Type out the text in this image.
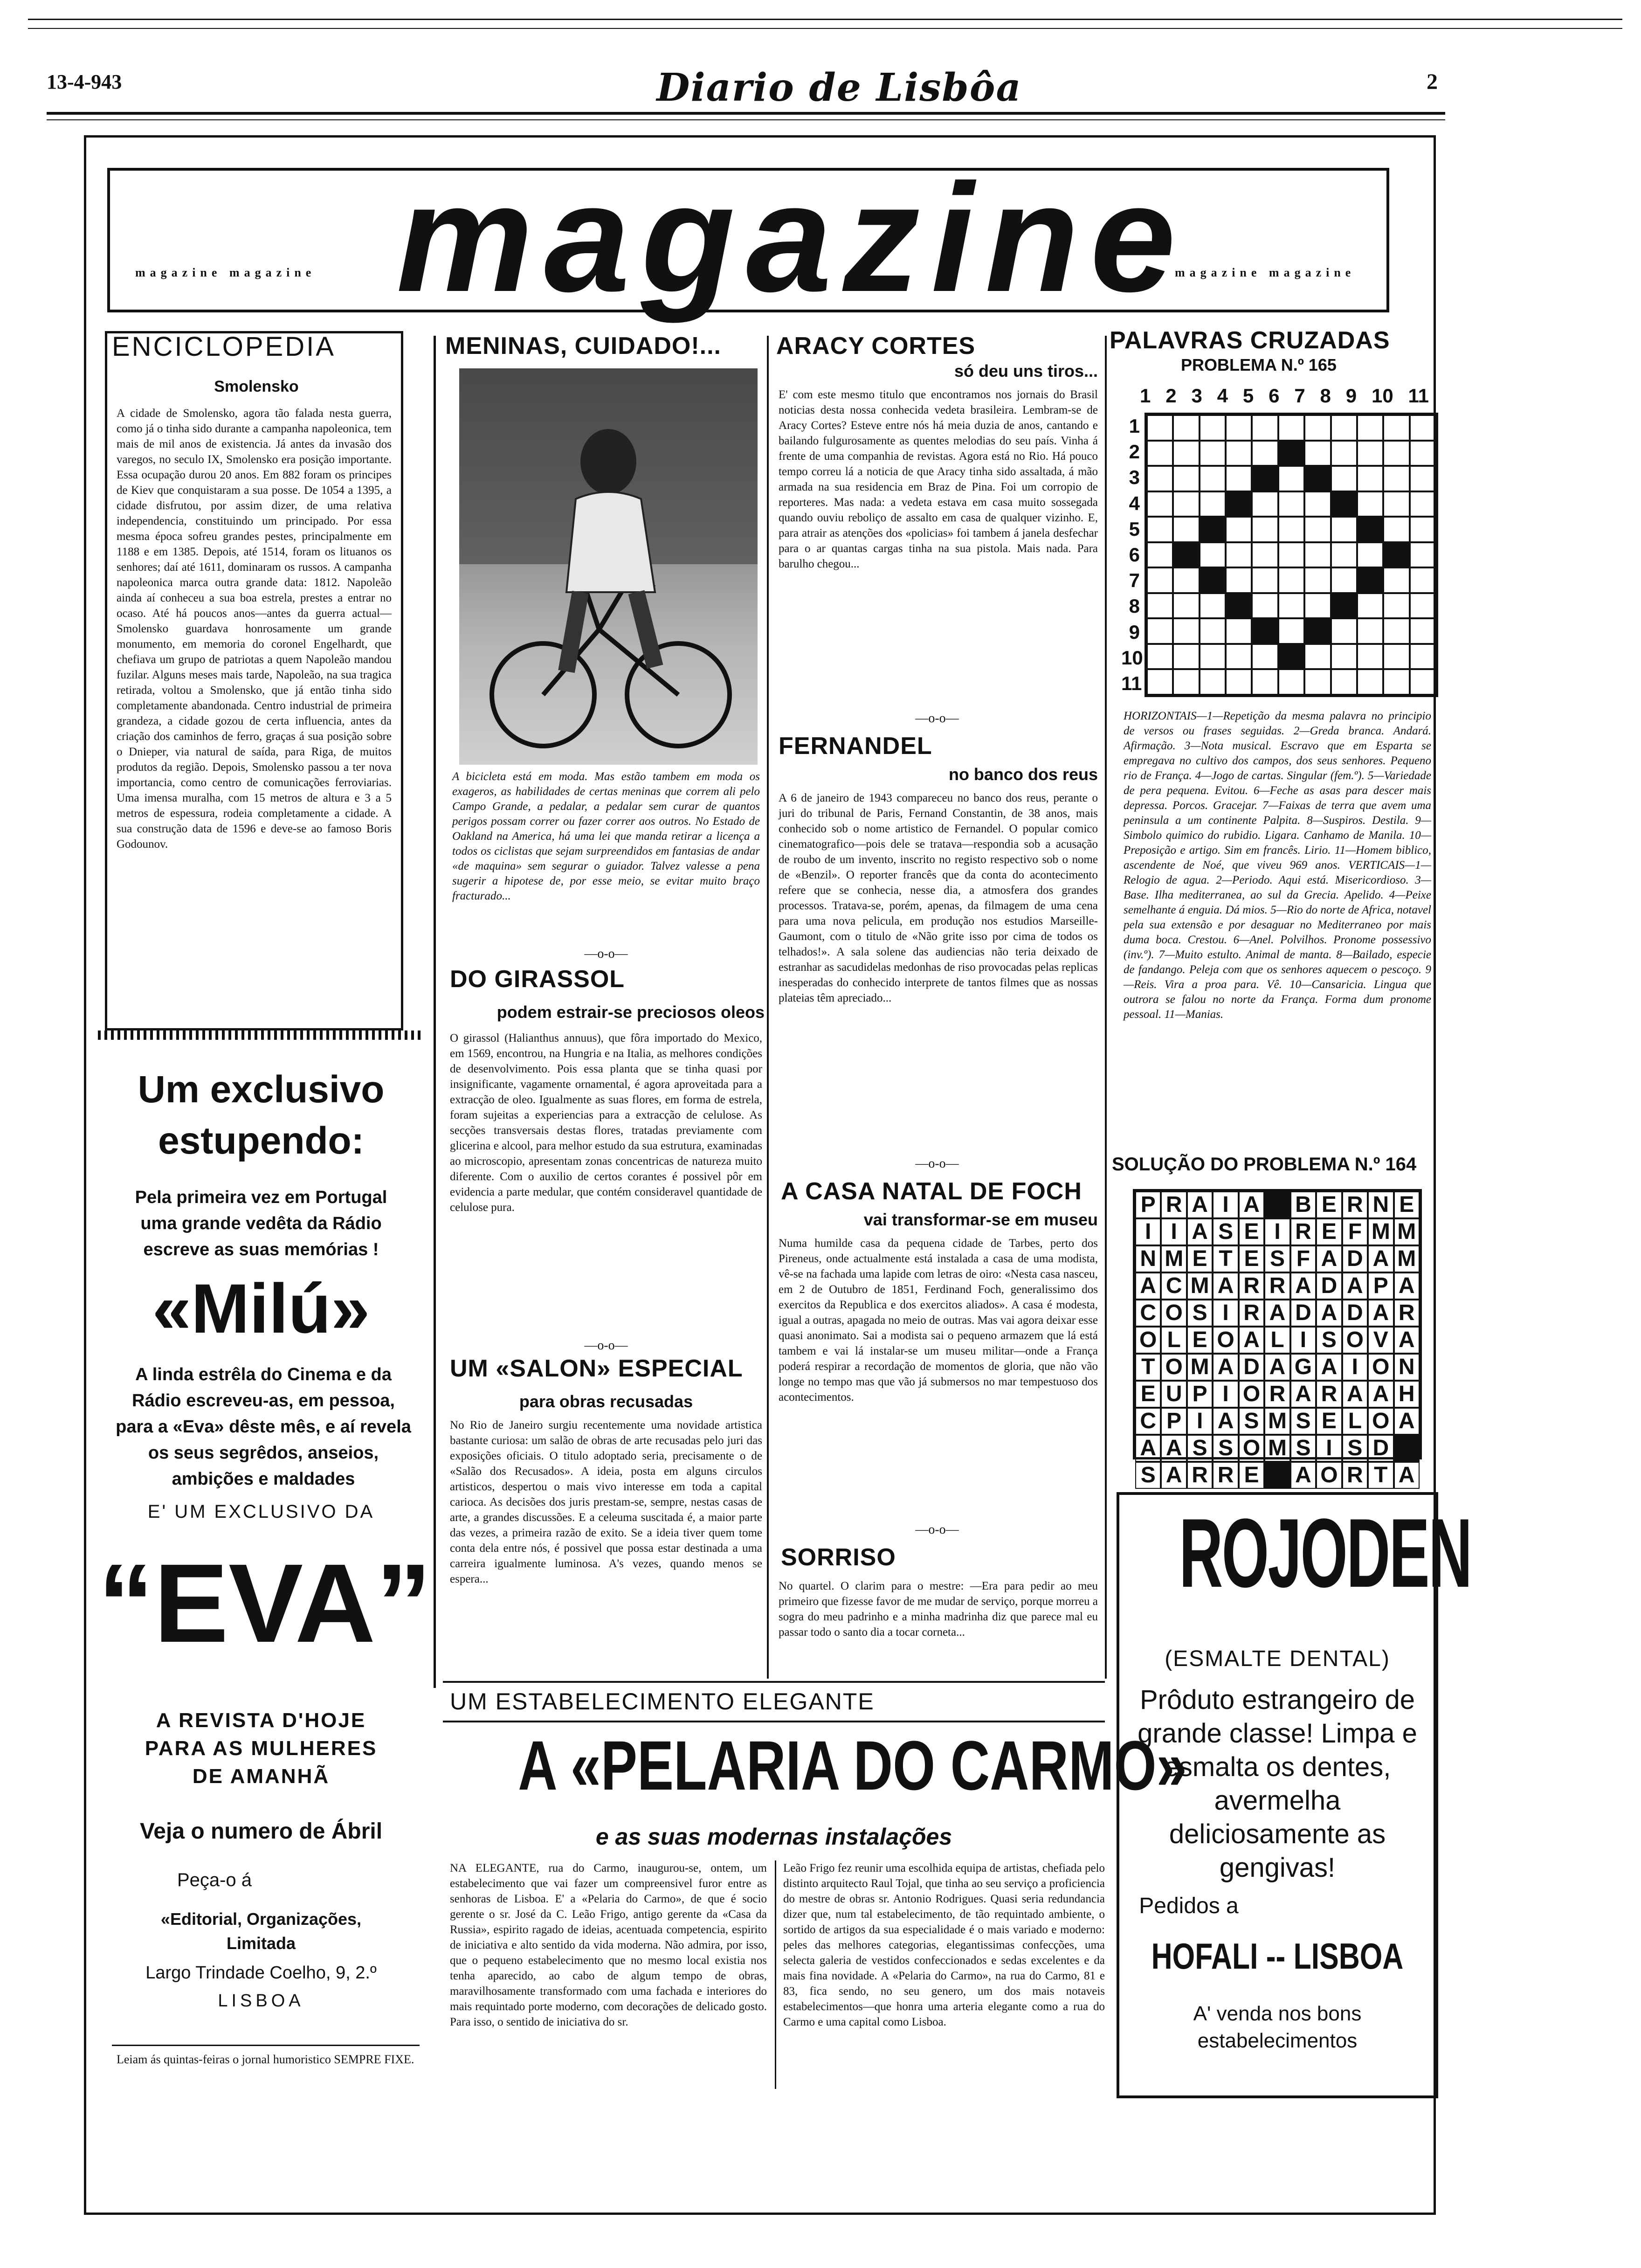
13-4-943	Diario de Lisbôa	2
magazine magazine magazine
magazine magazine
ENCICLOPEDIA
Smolensko

A cidade de Smolensko, agora tão falada nesta guerra, como já o tinha sido durante a campanha napoleonica, tem mais de mil anos de existencia. Já antes da invasão dos varegos, no seculo IX, Smolensko era posição importante. Essa ocupação durou 20 anos. Em 882 foram os principes de Kiev que conquistaram a sua posse. De 1054 a 1395, a cidade disfrutou, por assim dizer, de uma relativa independencia, constituindo um principado. Por essa mesma época sofreu grandes pestes, principalmente em 1188 e em 1385. Depois, até 1514, foram os lituanos os senhores; daí até 1611, dominaram os russos. A campanha napoleonica marca outra grande data: 1812. Napoleão ainda aí conheceu a sua boa estrela, prestes a entrar no ocaso. Até há poucos anos—antes da guerra actual—Smolensko guardava honrosamente um grande monumento, em memoria do coronel Engelhardt, que chefiava um grupo de patriotas a quem Napoleão mandou fuzilar. Alguns meses mais tarde, Napoleão, na sua tragica retirada, voltou a Smolensko, que já então tinha sido completamente abandonada. Centro industrial de primeira grandeza, a cidade gozou de certa influencia, antes da criação dos caminhos de ferro, graças á sua posição sobre o Dnieper, via natural de saída, para Riga, de muitos produtos da região. Depois, Smolensko passou a ter nova importancia, como centro de comunicações ferroviarias. Uma imensa muralha, com 15 metros de altura e 3 a 5 metros de espessura, rodeia completamente a cidade. A sua construção data de 1596 e deve-se ao famoso Boris Godounov.

Um exclusivo
estupendo:
Pela primeira vez em Portugal uma grande vedêta da Rádio escreve as suas memórias !
«Milú»
A linda estrêla do Cinema e da Rádio escreveu-as, em pessoa, para a «Eva» dêste mês, e aí revela os seus segrêdos, anseios, ambições e maldades
E' UM EXCLUSIVO DA
“EVA”
A REVISTA D'HOJE PARA AS MULHERES DE AMANHÃ
Veja o numero de Ábril
Peça-o á
«Editorial, Organizações, Limitada
Largo Trindade Coelho, 9, 2.º
LISBOA
Leiam ás quintas-feiras o jornal humoristico SEMPRE FIXE.
MENINAS, CUIDADO!...

A bicicleta está em moda. Mas estão tambem em moda os exageros, as habilidades de certas meninas que correm ali pelo Campo Grande, a pedalar, a pedalar sem curar de quantos perigos possam correr ou fazer correr aos outros. No Estado de Oakland na America, há uma lei que manda retirar a licença a todos os ciclistas que sejam surpreendidos em fantasias de andar «de maquina» sem segurar o guiador. Talvez valesse a pena sugerir a hipotese de, por esse meio, se evitar muito braço fracturado...

—o-o—
DO GIRASSOL
podem estrair-se preciosos oleos

O girassol (Halianthus annuus), que fôra importado do Mexico, em 1569, encontrou, na Hungria e na Italia, as melhores condições de desenvolvimento. Pois essa planta que se tinha quasi por insignificante, vagamente ornamental, é agora aproveitada para a extracção de oleo. Igualmente as suas flores, em forma de estrela, foram sujeitas a experiencias para a extracção de celulose. As secções transversais destas flores, tratadas previamente com glicerina e alcool, para melhor estudo da sua estrutura, examinadas ao microscopio, apresentam zonas concentricas de natureza muito diferente. Com o auxilio de certos corantes é possivel pôr em evidencia a parte medular, que contém consideravel quantidade de celulose pura.

—o-o—
UM «SALON» ESPECIAL
para obras recusadas

No Rio de Janeiro surgiu recentemente uma novidade artistica bastante curiosa: um salão de obras de arte recusadas pelo juri das exposições oficiais. O titulo adoptado seria, precisamente o de «Salão dos Recusados». A ideia, posta em alguns circulos artisticos, despertou o mais vivo interesse em toda a capital carioca. As decisões dos juris prestam-se, sempre, nestas casas de arte, a grandes discussões. E a celeuma suscitada é, a maior parte das vezes, a primeira razão de exito. Se a ideia tiver quem tome conta dela entre nós, é possivel que possa estar destinada a uma carreira igualmente luminosa. A's vezes, quando menos se espera...

ARACY CORTES
só deu uns tiros...

E' com este mesmo titulo que encontramos nos jornais do Brasil noticias desta nossa conhecida vedeta brasileira. Lembram-se de Aracy Cortes? Esteve entre nós há meia duzia de anos, cantando e bailando fulgurosamente as quentes melodias do seu país. Vinha á frente de uma companhia de revistas. Agora está no Rio. Há pouco tempo correu lá a noticia de que Aracy tinha sido assaltada, á mão armada na sua residencia em Braz de Pina. Foi um corropio de reporteres. Mas nada: a vedeta estava em casa muito sossegada quando ouviu reboliço de assalto em casa de qualquer vizinho. E, para atrair as atenções dos «policias» foi tambem á janela desfechar para o ar quantas cargas tinha na sua pistola. Mais nada. Para barulho chegou...

—o-o—
FERNANDEL
no banco dos reus

A 6 de janeiro de 1943 compareceu no banco dos reus, perante o juri do tribunal de Paris, Fernand Constantin, de 38 anos, mais conhecido sob o nome artistico de Fernandel. O popular comico cinematografico—pois dele se tratava—respondia sob a acusação de roubo de um invento, inscrito no registo respectivo sob o nome de «Benzil». O reporter francês que da conta do acontecimento refere que se conhecia, nesse dia, a atmosfera dos grandes processos. Tratava-se, porém, apenas, da filmagem de uma cena para uma nova pelicula, em produção nos estudios Marseille-Gaumont, com o titulo de «Não grite isso por cima de todos os telhados!». A sala solene das audiencias não teria deixado de estranhar as sacudidelas medonhas de riso provocadas pelas replicas inesperadas do conhecido interprete de tantos filmes que as nossas plateias têm apreciado...

—o-o—
A CASA NATAL DE FOCH
vai transformar-se em museu

Numa humilde casa da pequena cidade de Tarbes, perto dos Pireneus, onde actualmente está instalada a casa de uma modista, vê-se na fachada uma lapide com letras de oiro: «Nesta casa nasceu, em 2 de Outubro de 1851, Ferdinand Foch, generalissimo dos exercitos da Republica e dos exercitos aliados». A casa é modesta, igual a outras, apagada no meio de outras. Mas vai agora deixar esse quasi anonimato. Sai a modista sai o pequeno armazem que lá está tambem e vai lá instalar-se um museu militar—onde a França poderá respirar a recordação de momentos de gloria, que não vão longe no tempo mas que vão já submersos no mar tempestuoso dos acontecimentos.

—o-o—
SORRISO

No quartel. O clarim para o mestre: —Era para pedir ao meu primeiro que fizesse favor de me mudar de serviço, porque morreu a sogra do meu padrinho e a minha madrinha diz que parece mal eu passar todo o santo dia a tocar corneta...

PALAVRAS CRUZADAS
PROBLEMA N.º 165
1 2 3 4 5 6 7 8 9 10 11
1
2
3
4
5
6
7
8
9
10
11

HORIZONTAIS—1—Repetição da mesma palavra no principio de versos ou frases seguidas. 2—Greda branca. Andará. Afirmação. 3—Nota musical. Escravo que em Esparta se empregava no cultivo dos campos, dos seus senhores. Pequeno rio de França. 4—Jogo de cartas. Singular (fem.º). 5—Variedade de pera pequena. Evitou. 6—Feche as asas para descer mais depressa. Porcos. Gracejar. 7—Faixas de terra que avem uma peninsula a um continente Palpita. 8—Suspiros. Destila. 9—Simbolo quimico do rubidio. Ligara. Canhamo de Manila. 10—Preposição e artigo. Sim em francês. Lirio. 11—Homem biblico, ascendente de Noé, que viveu 969 anos. VERTICAIS—1— Relogio de agua. 2—Periodo. Aqui está. Misericordioso. 3—Base. Ilha mediterranea, ao sul da Grecia. Apelido. 4—Peixe semelhante á enguia. Dá mios. 5—Rio do norte de Africa, notavel pela sua extensão e por desaguar no Mediterraneo por mais duma boca. Crestou. 6—Anel. Polvilhos. Pronome possessivo (inv.º). 7—Muito estulto. Animal de manta. 8—Bailado, especie de fandango. Peleja com que os senhores aquecem o pescoço. 9—Reis. Vira a proa para. Vê. 10—Cansaricia. Lingua que outrora se falou no norte da França. Forma dum pronome pessoal. 11—Manias.

SOLUÇÃO DO PROBLEMA N.º 164
P R A I A B E R N E
I I A S E I R E F M M
N M E T E S F A D A M
A C M A R R A D A P A
C O S I R A D A D A R
O L E O A L I S O V A
T O M A D A G A I O N
E U P I O R A R A A H
C P I A S M S E L O A
A A S S O M S I S D
S A R R E A O R T A
ROJODEN
(ESMALTE DENTAL)
Prôduto estrangeiro de grande classe! Limpa e esmalta os dentes, avermelha deliciosamente as gengivas!
Pedidos a
HOFALI -- LISBOA
A' venda nos bons estabelecimentos
UM ESTABELECIMENTO ELEGANTE
A «PELARIA DO CARMO»
e as suas modernas instalações

NA ELEGANTE, rua do Carmo, inaugurou-se, ontem, um estabelecimento que vai fazer um compreensivel furor entre as senhoras de Lisboa. E' a «Pelaria do Carmo», de que é socio gerente o sr. José da C. Leão Frigo, antigo gerente da «Casa da Russia», espirito ragado de ideias, acentuada competencia, espirito de iniciativa e alto sentido da vida moderna. Não admira, por isso, que o pequeno estabelecimento que no mesmo local existia nos tenha aparecido, ao cabo de algum tempo de obras, maravilhosamente transformado com uma fachada e interiores do mais requintado porte moderno, com decorações de delicado gosto. Para isso, o sentido de iniciativa do sr.

Leão Frigo fez reunir uma escolhida equipa de artistas, chefiada pelo distinto arquitecto Raul Tojal, que tinha ao seu serviço a proficiencia do mestre de obras sr. Antonio Rodrigues. Quasi seria redundancia dizer que, num tal estabelecimento, de tão requintado ambiente, o sortido de artigos da sua especialidade é o mais variado e moderno: peles das melhores categorias, elegantissimas confecções, uma selecta galeria de vestidos confeccionados e sedas excelentes e da mais fina novidade. A «Pelaria do Carmo», na rua do Carmo, 81 e 83, fica sendo, no seu genero, um dos mais notaveis estabelecimentos—que honra uma arteria elegante como a rua do Carmo e uma capital como Lisboa.
